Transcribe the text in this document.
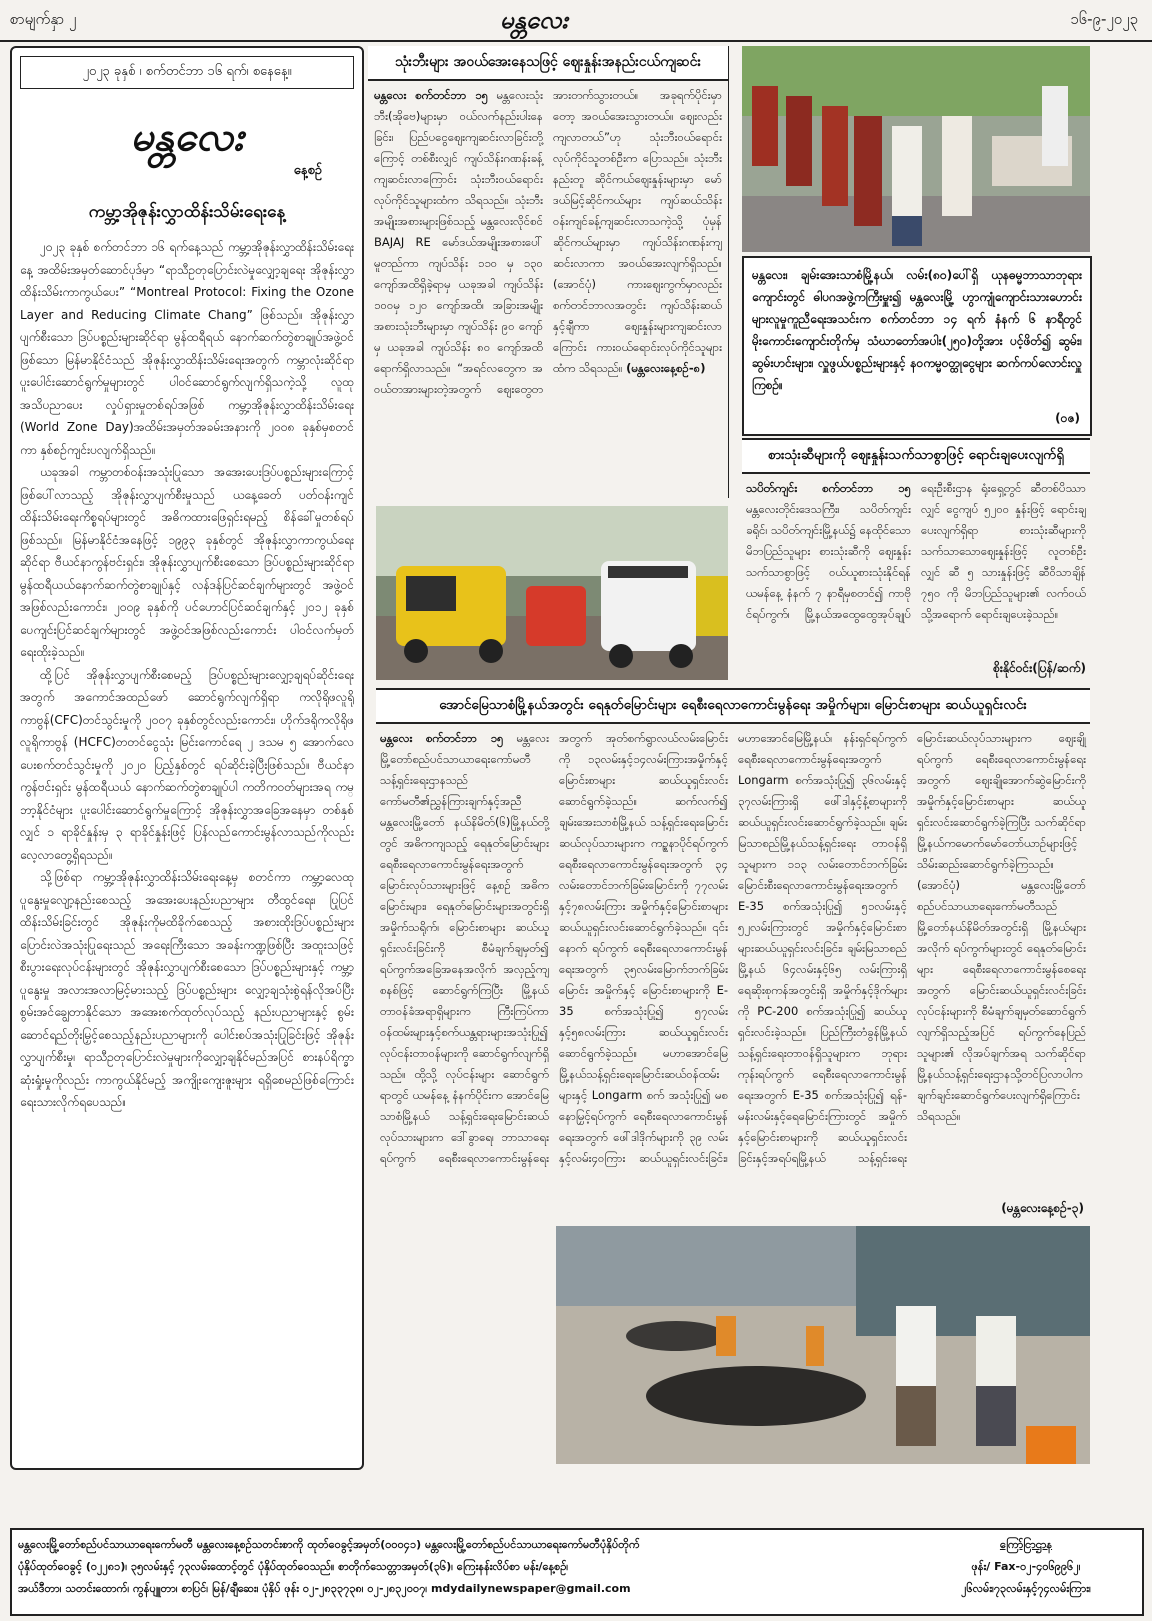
စာမျက်နှာ ၂	မန္တလေး	၁၆-၉-၂၀၂၃
၂၀၂၃ ခုနှစ် ၊ စက်တင်ဘာ ၁၆ ရက်၊ စနေနေ့။
မန္တလေး
နေ့စဉ်
ကမ္ဘာ့အိုဇုန်းလွှာထိန်းသိမ်းရေးနေ့

၂၀၂၃ ခုနှစ် စက်တင်ဘာ ၁၆ ရက်နေ့သည် ကမ္ဘာ့အိုဇုန်းလွှာထိန်းသိမ်းရေးနေ့ အထိမ်းအမှတ်ဆောင်ပုဒ်မှာ “ရာသီဥတုပြောင်းလဲမှုလျှော့ချရေး အိုဇုန်းလွှာထိန်းသိမ်းကာကွယ်ပေး” “Montreal Protocol: Fixing the Ozone Layer and Reducing Climate Chang” ဖြစ်သည်။ အိုဇုန်းလွှာပျက်စီးသော ဒြပ်ပစ္စည်းများဆိုင်ရာ မွန်ထရီရယ် နောက်ဆက်တွဲစာချုပ်အဖွဲ့ဝင်ဖြစ်သော မြန်မာနိုင်ငံသည် အိုဇုန်းလွှာထိန်းသိမ်းရေးအတွက် ကမ္ဘာလုံးဆိုင်ရာ ပူးပေါင်းဆောင်ရွက်မှုများတွင် ပါဝင်ဆောင်ရွက်လျက်ရှိသကဲ့သို့ လူထုအသိပညာပေး လှုပ်ရှားမှုတစ်ရပ်အဖြစ် ကမ္ဘာ့အိုဇုန်းလွှာထိန်းသိမ်းရေး (World Zone Day)အထိမ်းအမှတ်အခမ်းအနားကို ၂၀၀၈ ခုနှစ်မှစတင်ကာ နှစ်စဉ်ကျင်းပလျက်ရှိသည်။

ယခုအခါ ကမ္ဘာတစ်ဝန်းအသုံးပြုသော အအေးပေးဒြပ်ပစ္စည်းများကြောင့် ဖြစ်ပေါ်လာသည့် အိုဇုန်းလွှာပျက်စီးမှုသည် ယနေ့ခေတ် ပတ်ဝန်းကျင်ထိန်းသိမ်းရေးကိစ္စရပ်များတွင် အဓိကထားဖြေရှင်းရမည့် စိန်ခေါ်မှုတစ်ရပ်ဖြစ်သည်။ မြန်မာနိုင်ငံအနေဖြင့် ၁၉၉၃ ခုနှစ်တွင် အိုဇုန်းလွှာကာကွယ်ရေးဆိုင်ရာ ဗီယင်နာကွန်ဗင်းရှင်း၊ အိုဇုန်းလွှာပျက်စီးစေသော ဒြပ်ပစ္စည်းများဆိုင်ရာ မွန်ထရီယယ်နောက်ဆက်တွဲစာချုပ်နှင့် လန်ဒန်ပြင်ဆင်ချက်များတွင် အဖွဲ့ဝင်အဖြစ်လည်းကောင်း၊ ၂၀၀၉ ခုနှစ်ကို ပင်ဟောင်ပြင်ဆင်ချက်နှင့် ၂၀၁၂ ခုနှစ် ပေကျင်းပြင်ဆင်ချက်များတွင် အဖွဲ့ဝင်အဖြစ်လည်းကောင်း ပါဝင်လက်မှတ်ရေးထိုးခဲ့သည်။

ထို့ပြင် အိုဇုန်းလွှာပျက်စီးစေမည့် ဒြပ်ပစ္စည်းများလျှော့ချရပ်ဆိုင်းရေးအတွက် အကောင်အထည်ဖော် ဆောင်ရွက်လျက်ရှိရာ ကလိုရိုဖလူရိုကာဗွန်(CFC)တင်သွင်းမှုကို ၂၀၀၇ ခုနှစ်တွင်လည်းကောင်း၊ ဟိုက်ဒရိုကလိုရိုဖလူရိုကာဗွန် (HCFC)တတင်ငွေသုံး မြင်းကောင်ရေ ၂ ဒသမ ၅ အောက်လေပေးစက်တင်သွင်းမှုကို ၂၀၂၀ ပြည့်နှစ်တွင် ရပ်ဆိုင်းခဲ့ပြီးဖြစ်သည်။ ဗီယင်နာကွန်ဗင်းရှင်း မွန်ထရီယယ် နောက်ဆက်တွဲစာချုပ်ပါ ကတိကဝတ်များအရ ကမ္ဘာ့နိုင်ငံများ ပူးပေါင်းဆောင်ရွက်မှုကြောင့် အိုဇုန်းလွှာအခြေအနေမှာ တစ်နှစ်လျှင် ၁ ရာခိုင်နှုန်းမှ ၃ ရာခိုင်နှုန်းဖြင့် ပြန်လည်ကောင်းမွန်လာသည်ကိုလည်း လေ့လာတွေ့ရှိရသည်။

သို့ဖြစ်ရာ ကမ္ဘာ့အိုဇုန်းလွှာထိန်းသိမ်းရေးနေ့မှ စတင်ကာ ကမ္ဘာ့လေထုပူနွေးမှုလျော့နည်းစေသည့် အအေးပေးနည်းပညာများ တီထွင်ရေး၊ ပြုပြင်ထိန်းသိမ်းခြင်းတွင် အိုဇုန်းကိုမထိခိုက်စေသည့် အစားထိုးဒြပ်ပစ္စည်းများ ပြောင်းလဲအသုံးပြုရေးသည် အရေးကြီးသော အခန်းကဏ္ဍဖြစ်ပြီး အထူးသဖြင့် စီးပွားရေးလုပ်ငန်းများတွင် အိုဇုန်းလွှာပျက်စီးစေသော ဒြပ်ပစ္စည်းများနှင့် ကမ္ဘာ့ပူနွေးမှု အလားအလာမြင့်မားသည့် ဒြပ်ပစ္စည်းများ လျှော့ချသုံးစွဲရန်လိုအပ်ပြီး စွမ်းအင်ချွေတာနိုင်သော အအေးစက်ထုတ်လုပ်သည့် နည်းပညာများနှင့် စွမ်းဆောင်ရည်တိုးမြှင့်စေသည့်နည်းပညာများကို ပေါင်းစပ်အသုံးပြုခြင်းဖြင့် အိုဇုန်းလွှာပျက်စီးမှု၊ ရာသီဥတုပြောင်းလဲမှုများကိုလျှော့ချနိုင်မည်အပြင် စားနပ်ရိက္ခာဆုံးရှုံးမှုကိုလည်း ကာကွယ်နိုင်မည့် အကျိုးကျေးဇူးများ ရရှိစေမည်ဖြစ်ကြောင်း ရေးသားလိုက်ရပေသည်။

သုံးဘီးများ အဝယ်အေးနေသဖြင့် ဈေးနှုန်းအနည်းငယ်ကျဆင်း
မန္တလေး စက်တင်ဘာ ၁၅ မန္တလေးသုံးဘီး(အိုဗေ)များမှာ ဝယ်လက်နည်းပါးနေခြင်း၊ ပြည်ပငွေဈေးကျဆင်းလာခြင်းတို့ကြောင့် တစ်စီးလျှင် ကျပ်သိန်းဂဏန်းခန့်ကျဆင်းလာကြောင်း သုံးဘီးဝယ်ရောင်းလုပ်ကိုင်သူများထံက သိရသည်။ သုံးဘီးအမျိုးအစားများဖြစ်သည့် မန္တလေးလိုင်စင် BAJAJ RE မော်ဒယ်အမျိုးအစားပေါ်မူတည်ကာ ကျပ်သိန်း ၁၁၀ မှ ၁၃၀ ကျော်အထိရှိခဲ့ရာမှ ယခုအခါ ကျပ်သိန်း ၁၀၀မှ ၁၂၀ ကျော်အထိ၊ အခြားအမျိုးအစားသုံးဘီးများမှာ ကျပ်သိန်း ၉၀ ကျော်မှ ယခုအခါ ကျပ်သိန်း ၈၀ ကျော်အထိ ရောက်ရှိလာသည်။ “အရင်လတွေက အဝယ်တအားများတဲ့အတွက် ဈေးတွေတအားတက်သွားတယ်။ အခုရက်ပိုင်းမှာတော့ အဝယ်အေးသွားတယ်။ ဈေးလည်းကျလာတယ်”ဟု သုံးဘီးဝယ်ရောင်းလုပ်ကိုင်သူတစ်ဦးက ပြောသည်။ သုံးဘီးနည်းတူ ဆိုင်ကယ်ဈေးနှုန်းများမှာ မော်ဒယ်မြင့်ဆိုင်ကယ်များ ကျပ်ဆယ်သိန်းဝန်းကျင်ခန့်ကျဆင်းလာသကဲ့သို့ ပုံမှန်ဆိုင်ကယ်များမှာ ကျပ်သိန်းဂဏန်းကျဆင်းလာကာ အဝယ်အေးလျက်ရှိသည်။ (အောင်ပုံ) ကားဈေးကွက်မှာလည်း စက်တင်ဘာလအတွင်း ကျပ်သိန်းဆယ်နှင့်ချီကာ ဈေးနှုန်းများကျဆင်းလာကြောင်း ကားဝယ်ရောင်းလုပ်ကိုင်သူများထံက သိရသည်။ (မန္တလေးနေ့စဉ်-၈)
မန္တလေး၊ ချမ်းအေးသာစံမြို့နယ်၊ လမ်း(၈၀)ပေါ်ရှိ ယုနဓမ္မဘာသာဘုရားကျောင်းတွင် ဓါပဂအဖွဲ့ကကြီးမှူး၍ မန္တလေးမြို့ ဟွာကျုံကျောင်းသားဟောင်းများလူမှုကူညီရေးအသင်းက စက်တင်ဘာ ၁၄ ရက် နံနက် ၆ နာရီတွင် မိုးကောင်းကျောင်းတိုက်မှ သံဃာတော်အပါး(၂၅၀)တို့အား ပင့်ဖိတ်၍ ဆွမ်း၊ ဆွမ်းဟင်းများ၊ လှူဖွယ်ပစ္စည်းများနှင့် နဝကမ္မဝတ္ထုငွေများ ဆက်ကပ်လောင်းလှူကြစဉ်။
(ဝဇ)
စားသုံးဆီများကို ဈေးနှုန်းသက်သာစွာဖြင့် ရောင်းချပေးလျက်ရှိ
သပိတ်ကျင်း စက်တင်ဘာ ၁၅ မန္တလေးတိုင်းဒေသကြီး၊ သပိတ်ကျင်းခရိုင်၊ သပိတ်ကျင်းမြို့နယ်၌ နေထိုင်သော မိဘပြည်သူများ စားသုံးဆီကို ဈေးနှုန်းသက်သာစွာဖြင့် ဝယ်ယူစားသုံးနိုင်ရန် ယမန်နေ့ နံနက် ၇ နာရီမှစတင်၍ ကာဗိုင်ရပ်ကွက်၊ မြို့နယ်အထွေထွေအုပ်ချုပ်ရေးဦးစီးဌာန ရုံးရှေ့တွင် ဆီတစ်ပိဿာလျှင် ငွေကျပ် ၅၂၀၀ နှုန်းဖြင့် ရောင်းချပေးလျက်ရှိရာ စားသုံးဆီများကို သက်သာသောဈေးနှုန်းဖြင့် လူတစ်ဦးလျှင် ဆီ ၅ သားနှုန်းဖြင့် ဆီဝိသာချိန် ၇၅၀ ကို မိဘပြည်သူများ၏ လက်ဝယ်သို့အရောက် ရောင်းချပေးခဲ့သည်။
စိုးနိုင်ဝင်း(ပြန်/ဆက်)
အောင်မြေသာစံမြို့နယ်အတွင်း ရေနုတ်မြောင်းများ ရေစီးရေလာကောင်းမွန်ရေး အမှိုက်များ၊ မြောင်းစာများ ဆယ်ယူရှင်းလင်း
မန္တလေး စက်တင်ဘာ ၁၅ မန္တလေးမြို့တော်စည်ပင်သာယာရေးကော်မတီ သန့်ရှင်းရေးဌာနသည် ကော်မတီ၏ညွှန်ကြားချက်နှင့်အညီ မန္တလေးမြို့တော် နယ်နိမိတ်(၆)မြို့နယ်တို့တွင် အဓိကကျသည့် ရေနုတ်မြောင်းများ ရေစီးရေလာကောင်းမွန်ရေးအတွက် မြောင်းလုပ်သားများဖြင့် နေ့စဉ် အဓိကမြောင်းများ၊ ရေနုတ်မြောင်းများအတွင်းရှိ အမှိုက်သရိုက်၊ မြောင်းစာများ ဆယ်ယူရှင်းလင်းခြင်းကို စီမံချက်ချမှတ်၍ ရပ်ကွက်အခြေအနေအလိုက် အလှည့်ကျစနစ်ဖြင့် ဆောင်ရွက်ကြပြီး မြို့နယ်တာဝန်ခံအရာရှိများက ကြီးကြပ်ကာ ဝန်ထမ်းများနှင့်စက်ယန္တရားများအသုံးပြု၍ လုပ်ငန်းတာဝန်များကို ဆောင်ရွက်လျက်ရှိသည်။ ထို့သို့ လုပ်ငန်းများ ဆောင်ရွက်ရာတွင် ယမန်နေ့ နံနက်ပိုင်းက အောင်မြေသာစံမြို့နယ် သန့်ရှင်းရေးမြောင်းဆယ်လုပ်သားများက ဒေါ်ခွာရေ၊ ဘာသာရေးရပ်ကွက် ရေစီးရေလာကောင်းမွန်ရေးအတွက် အုတ်စက်ရွာလယ်လမ်းမြောင်းကို ၁၃လမ်းနှင့်၁၄လမ်းကြားအမှိုက်နှင့်မြောင်းစာများ ဆယ်ယူရှင်းလင်း ဆောင်ရွက်ခဲ့သည်။ ဆက်လက်၍ ချမ်းအေးသာစံမြို့နယ် သန့်ရှင်းရေးမြောင်းဆယ်လုပ်သားများက ကဥ္စနာပိုင်ရပ်ကွက် ရေစီးရေလာကောင်းမွန်ရေးအတွက် ၃၄ လမ်းတောင်ဘက်ခြမ်းမြောင်းကို ၇၇လမ်းနှင့်၇၈လမ်းကြား အမှိုက်နှင့်မြောင်းစာများ ဆယ်ယူရှင်းလင်းဆောင်ရွက်ခဲ့သည်။ ၎င်းနောက် ရပ်ကွက် ရေစီးရေလာကောင်းမွန်ရေးအတွက် ၃၅လမ်းမြောက်ဘက်ခြမ်းမြောင်း အမှိုက်နှင့် မြောင်းစာများကို E-35 စက်အသုံးပြု၍ ၅၇လမ်းနှင့်၅၈လမ်းကြား ဆယ်ယူရှင်းလင်းဆောင်ရွက်ခဲ့သည်။ မဟာအောင်မြေမြို့နယ်သန့်ရှင်းရေးမြောင်းဆယ်ဝန်ထမ်းများနှင့် Longarm စက် အသုံးပြု၍ မစနောမြှင့်ရပ်ကွက် ရေစီးရေလာကောင်းမွန်ရေးအတွက် ဖေါ်ဒါဒိုက်များကို ၃၉ လမ်းနှင့်လမ်း၄၀ကြား ဆယ်ယူရှင်းလင်းခြင်း၊ မဟာအောင်မြေမြို့နယ်၊ နန်းရှင်ရပ်ကွက် ရေစီးရေလာကောင်းမွန်ရေးအတွက် Longarm စက်အသုံးပြု၍ ၃၆လမ်းနှင့် ၃၇လမ်းကြားရှိ ဖေါ်ဒါနှင့်နံ့စာများကို ဆယ်ယူရှင်းလင်းဆောင်ရွက်ခဲ့သည်။ ချမ်းမြသာစည်မြို့နယ်သန့်ရှင်းရေး တာဝန်ရှိသူများက ၁၁၃ လမ်းတောင်ဘက်ခြမ်း မြောင်းစီးရေလာကောင်းမွန်ရေးအတွက် E-35 စက်အသုံးပြု၍ ၅၁လမ်းနှင့် ၅၂လမ်းကြားတွင် အမှိုက်နှင့်မြောင်းစာများဆယ်ယူရှင်းလင်းခြင်း၊ ချမ်းမြသာစည်မြို့နယ် ၆၄လမ်းနှင့်၆၅ လမ်းကြားရှိ ရေဆိုးစုကန်အတွင်းရှိ အမှိုက်နှင့်ဒိုက်များကို PC-200 စက်အသုံးပြု၍ ဆယ်ယူရှင်းလင်းခဲ့သည်။ ပြည်ကြီးတံခွန်မြို့နယ် သန့်ရှင်းရေးတာဝန်ရှိသူများက ဘုရားကုန်းရပ်ကွက် ရေစီးရေလာကောင်းမွန်ရေးအတွက် E-35 စက်အသုံးပြု၍ ရန်-မန်းလမ်းနှင့်ရေမြောင်းကြားတွင် အမှိုက်နှင့်မြောင်းစာများကို ဆယ်ယူရှင်းလင်းခြင်းနှင့်အရပ်ရမြို့နယ် သန့်ရှင်းရေး မြောင်းဆယ်လုပ်သားများက ဈေးချိုရပ်ကွက် ရေစီးရေလာကောင်းမွန်ရေးအတွက် ဈေးချိုအောက်ဆွဲမြောင်းကို အမှိုက်နှင့်မြောင်းစာများ ဆယ်ယူရှင်းလင်းဆောင်ရွက်ခဲ့ကြပြီး သက်ဆိုင်ရာမြို့နယ်ကမောက်မော်တော်ယာဉ်များဖြင့် သိမ်းဆည်းဆောင်ရွက်ခဲ့ကြသည်။ (အောင်ပုံ) မန္တလေးမြို့တော်စည်ပင်သာယာရေးကော်မတီသည် မြို့တော်နယ်နိမိတ်အတွင်းရှိ မြို့နယ်များအလိုက် ရပ်ကွက်များတွင် ရေနုတ်မြောင်းများ ရေစီးရေလာကောင်းမွန်စေရေးအတွက် မြောင်းဆယ်ယူရှင်းလင်းခြင်းလုပ်ငန်းများကို စီမံချက်ချမှတ်ဆောင်ရွက်လျက်ရှိသည့်အပြင် ရပ်ကွက်နေပြည်သူများ၏ လိုအပ်ချက်အရ သက်ဆိုင်ရာမြို့နယ်သန့်ရှင်းရေးဌာနသို့တင်ပြလာပါက ချက်ချင်းဆောင်ရွက်ပေးလျက်ရှိကြောင်း သိရသည်။
(မန္တလေးနေ့စဉ်-၃)
မန္တလေးမြို့တော်စည်ပင်သာယာရေးကော်မတီ မန္တလေးနေ့စဉ်သတင်းစာကို ထုတ်ဝေခွင့်အမှတ်(၀၀၀၄၁) မန္တလေးမြို့တော်စည်ပင်သာယာရေးကော်မတီပုံနှိပ်တိုက်
ပုံနှိပ်ထုတ်ဝေခွင့် (၀၂၂၈၁)၊ ၃၅လမ်းနှင့် ၇၃လမ်းထောင့်တွင် ပုံနှိပ်ထုတ်ဝေသည်။ စာတိုက်သေတ္တာအမှတ်(၃၆)၊ ကြေးနန်းလိပ်စာ မန်း/နေ့စဉ်၊
အယ်ဒီတာ၊ သတင်းထောက်၊ ကွန်ပျူတာ၊ စာပြင်၊ မြန်/ချီဆေး၊ ပုံနှိပ် ဖုန်း ၀၂-၂၈၃၃၇၃၈၊ ၀၂-၂၈၃၂၀၀၇၊ mdydailynewspaper@gmail.com
ကြော်ငြာဌာန
ဖုန်း/ Fax-၀၂-၄၀၆၉၉၆၂၊
၂၆လမ်း၊၇၃လမ်းနှင့်၇၄လမ်းကြား၊
